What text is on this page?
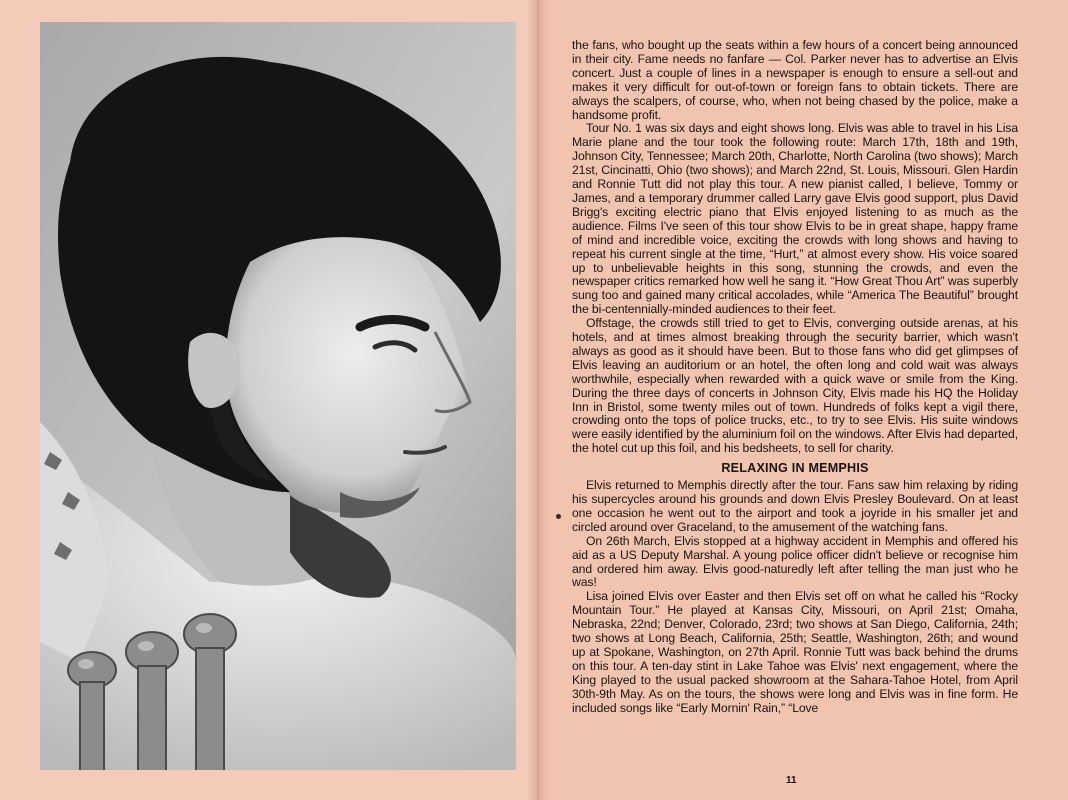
the fans, who bought up the seats within a few hours of a concert being announced in their city. Fame needs no fanfare — Col. Parker never has to advertise an Elvis concert. Just a couple of lines in a newspaper is enough to ensure a sell-out and makes it very difficult for out-of-town or foreign fans to obtain tickets. There are always the scalpers, of course, who, when not being chased by the police, make a handsome profit.

Tour No. 1 was six days and eight shows long. Elvis was able to travel in his Lisa Marie plane and the tour took the following route: March 17th, 18th and 19th, Johnson City, Tennessee; March 20th, Charlotte, North Carolina (two shows); March 21st, Cincinatti, Ohio (two shows); and March 22nd, St. Louis, Missouri. Glen Hardin and Ronnie Tutt did not play this tour. A new pianist called, I believe, Tommy or James, and a temporary drummer called Larry gave Elvis good support, plus David Brigg's exciting electric piano that Elvis enjoyed listening to as much as the audience. Films I've seen of this tour show Elvis to be in great shape, happy frame of mind and incredible voice, exciting the crowds with long shows and having to repeat his current single at the time, “Hurt,” at almost every show. His voice soared up to unbelievable heights in this song, stunning the crowds, and even the newspaper critics remarked how well he sang it. “How Great Thou Art” was superbly sung too and gained many critical accolades, while “America The Beautiful” brought the bi-centennially-minded audiences to their feet.

Offstage, the crowds still tried to get to Elvis, converging outside arenas, at his hotels, and at times almost breaking through the security barrier, which wasn't always as good as it should have been. But to those fans who did get glimpses of Elvis leaving an auditorium or an hotel, the often long and cold wait was always worthwhile, especially when rewarded with a quick wave or smile from the King. During the three days of concerts in Johnson City, Elvis made his HQ the Holiday Inn in Bristol, some twenty miles out of town. Hundreds of folks kept a vigil there, crowding onto the tops of police trucks, etc., to try to see Elvis. His suite windows were easily identified by the aluminium foil on the windows. After Elvis had departed, the hotel cut up this foil, and his bedsheets, to sell for charity.

RELAXING IN MEMPHIS

Elvis returned to Memphis directly after the tour. Fans saw him relaxing by riding his supercycles around his grounds and down Elvis Presley Boulevard. On at least one occasion he went out to the airport and took a joyride in his smaller jet and circled around over Graceland, to the amusement of the watching fans.

On 26th March, Elvis stopped at a highway accident in Memphis and offered his aid as a US Deputy Marshal. A young police officer didn't believe or recognise him and ordered him away. Elvis good-naturedly left after telling the man just who he was!

Lisa joined Elvis over Easter and then Elvis set off on what he called his “Rocky Mountain Tour.” He played at Kansas City, Missouri, on April 21st; Omaha, Nebraska, 22nd; Denver, Colorado, 23rd; two shows at San Diego, California, 24th; two shows at Long Beach, California, 25th; Seattle, Washington, 26th; and wound up at Spokane, Washington, on 27th April. Ronnie Tutt was back behind the drums on this tour. A ten-day stint in Lake Tahoe was Elvis' next engagement, where the King played to the usual packed showroom at the Sahara-Tahoe Hotel, from April 30th-9th May. As on the tours, the shows were long and Elvis was in fine form. He included songs like “Early Mornin' Rain,” “Love

11
